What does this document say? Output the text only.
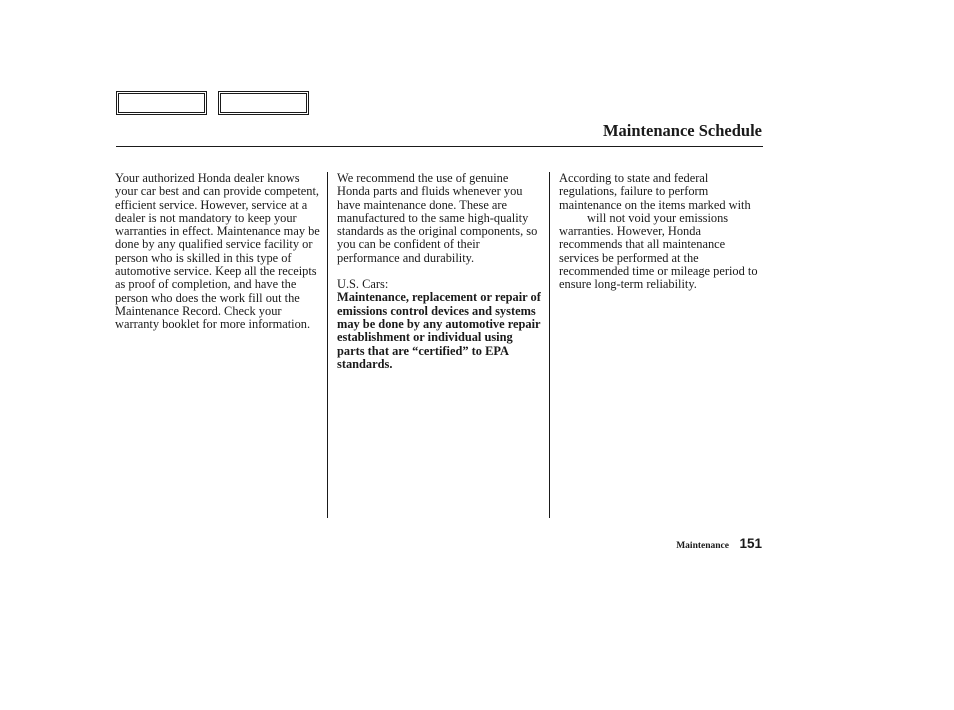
Maintenance Schedule

Your authorized Honda dealer knows your car best and can provide competent, efficient service. However, service at a dealer is not mandatory to keep your warranties in effect. Maintenance may be done by any qualified service facility or person who is skilled in this type of automotive service. Keep all the receipts as proof of completion, and have the person who does the work fill out the Maintenance Record. Check your warranty booklet for more information.

We recommend the use of genuine Honda parts and fluids whenever you have maintenance done. These are manufactured to the same high-quality standards as the original components, so you can be confident of their performance and durability.

U.S. Cars:

Maintenance, replacement or repair of emissions control devices and systems may be done by any automotive repair establishment or individual using parts that are “certified” to EPA standards.

According to state and federal regulations, failure to perform maintenance on the items marked withwill not void your emissions warranties. However, Honda recommends that all maintenance services be performed at the recommended time or mileage period to ensure long-term reliability.

Maintenance 151
